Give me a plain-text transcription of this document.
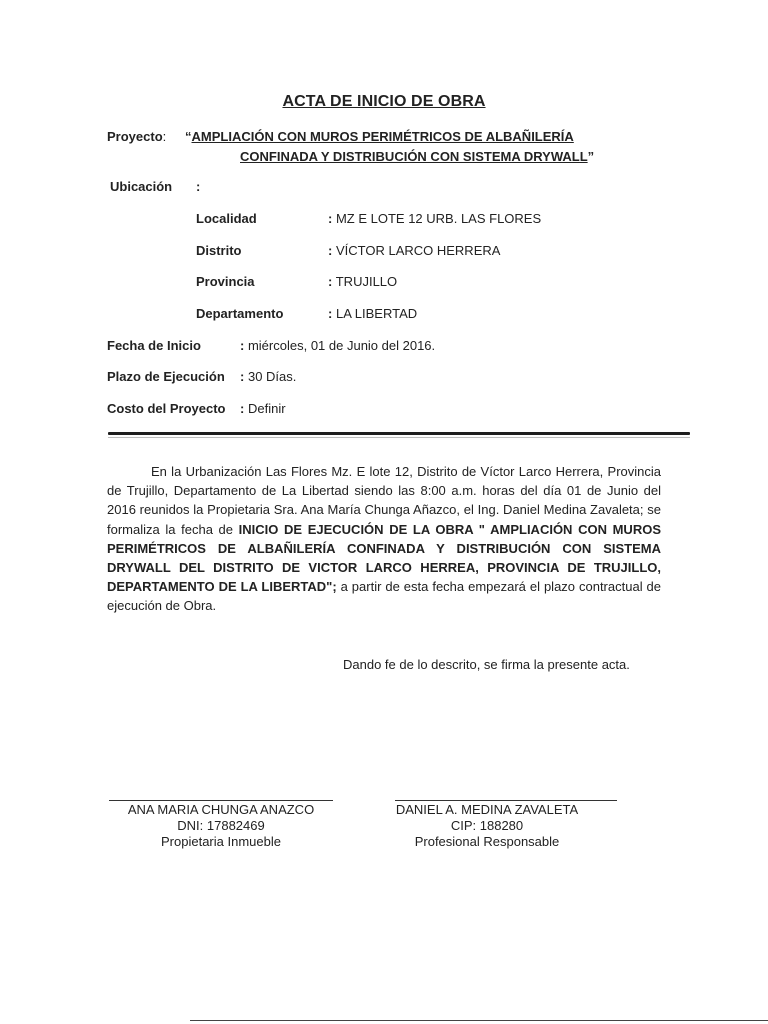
ACTA DE INICIO DE OBRA
Proyecto: “AMPLIACIÓN CON MUROS PERIMÉTRICOS DE ALBAÑILERÍA
CONFINADA Y DISTRIBUCIÓN CON SISTEMA DRYWALL”
Ubicación :
Localidad	: MZ E LOTE 12 URB. LAS FLORES
Distrito	: VÍCTOR LARCO HERRERA
Provincia	: TRUJILLO
Departamento	: LA LIBERTAD
Fecha de Inicio	: miércoles, 01 de Junio del 2016.
Plazo de Ejecución : 30 Días.
Costo del Proyecto : Definir

En la Urbanización Las Flores Mz. E lote 12, Distrito de Víctor Larco Herrera, Provincia de Trujillo, Departamento de La Libertad siendo las 8:00 a.m. horas del día 01 de Junio del 2016 reunidos la Propietaria Sra. Ana María Chunga Añazco, el Ing. Daniel Medina Zavaleta; se formaliza la fecha de INICIO DE EJECUCIÓN DE LA OBRA " AMPLIACIÓN CON MUROS PERIMÉTRICOS DE ALBAÑILERÍA CONFINADA Y DISTRIBUCIÓN CON SISTEMA DRYWALL DEL DISTRITO DE VICTOR LARCO HERREA, PROVINCIA DE TRUJILLO, DEPARTAMENTO DE LA LIBERTAD"; a partir de esta fecha empezará el plazo contractual de ejecución de Obra.

Dando fe de lo descrito, se firma la presente acta.
ANA MARIA CHUNGA ANAZCO
DNI: 17882469
Propietaria Inmueble
DANIEL A. MEDINA ZAVALETA
CIP: 188280
Profesional Responsable
